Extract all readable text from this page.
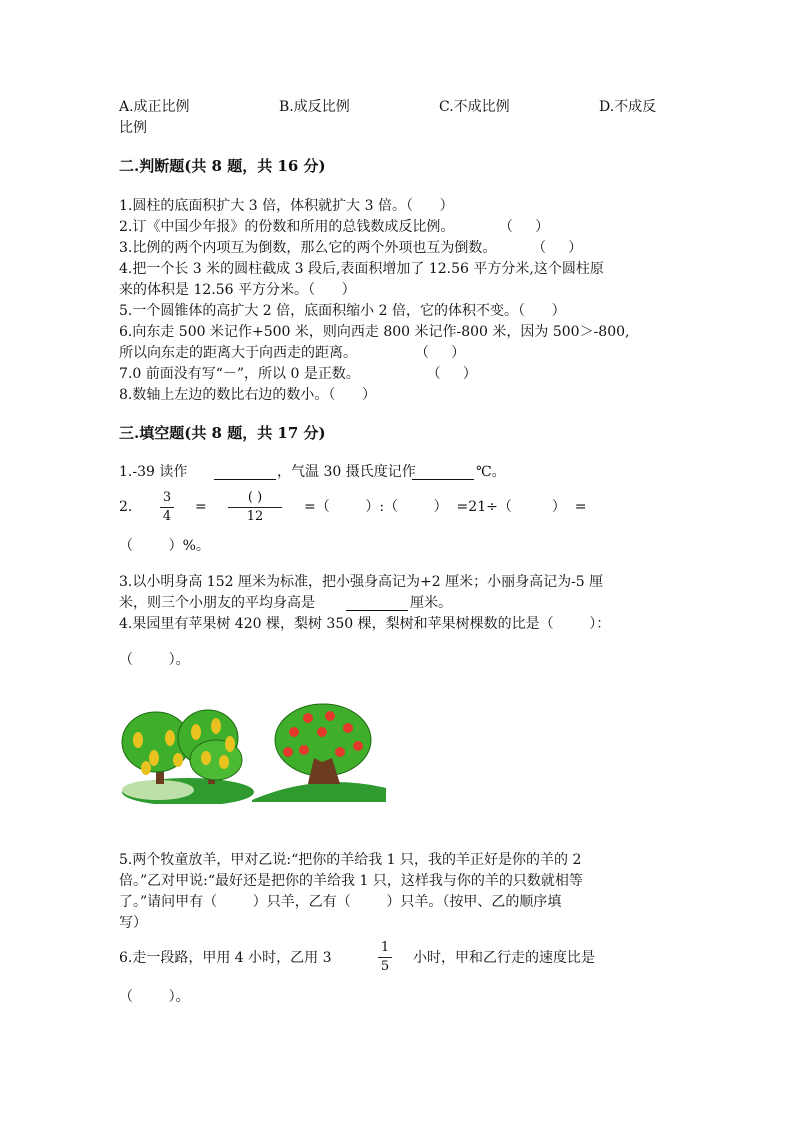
A.成正比例	B.成反比例	C.不成比例	D.不成反
比例
二.判断题(共 8 题，共 16 分)
1.圆柱的底面积扩大 3 倍，体积就扩大 3 倍。（      ）
2.订《中国少年报》的份数和所用的总钱数成反比例。          （     ）
3.比例的两个内项互为倒数，那么它的两个外项也互为倒数。        （     ）
4.把一个长 3 米的圆柱截成 3 段后,表面积增加了 12.56 平方分米,这个圆柱原
来的体积是 12.56 平方分米。（      ）
5.一个圆锥体的高扩大 2 倍，底面积缩小 2 倍，它的体积不变。（      ）
6.向东走 500 米记作+500 米，则向西走 800 米记作-800 米，因为 500＞-800,
所以向东走的距离大于向西走的距离。             （     ）
7.0 前面没有写“－”，所以 0 是正数。               （     ）
8.数轴上左边的数比右边的数小。（      ）
三.填空题(共 8 题，共 17 分)
1.-39 读作	，气温 30 摄氏度记作	℃。
2.
3
4
=
( )
12
=（        ）:（        ）  =21÷（         ）  =
（        ）%。
3.以小明身高 152 厘米为标准，把小强身高记为+2 厘米；小丽身高记为-5 厘
米，则三个小朋友的平均身高是	厘米。
4.果园里有苹果树 420 棵，梨树 350 棵，梨树和苹果树棵数的比是（        ）：
（        ）。
5.两个牧童放羊，甲对乙说:“把你的羊给我 1 只，我的羊正好是你的羊的 2
倍。”乙对甲说:“最好还是把你的羊给我 1 只，这样我与你的羊的只数就相等
了。”请问甲有（        ）只羊，乙有（        ）只羊。（按甲、乙的顺序填
写）
6.走一段路，甲用 4 小时，乙用 3
1
5
小时，甲和乙行走的速度比是
（        ）。
